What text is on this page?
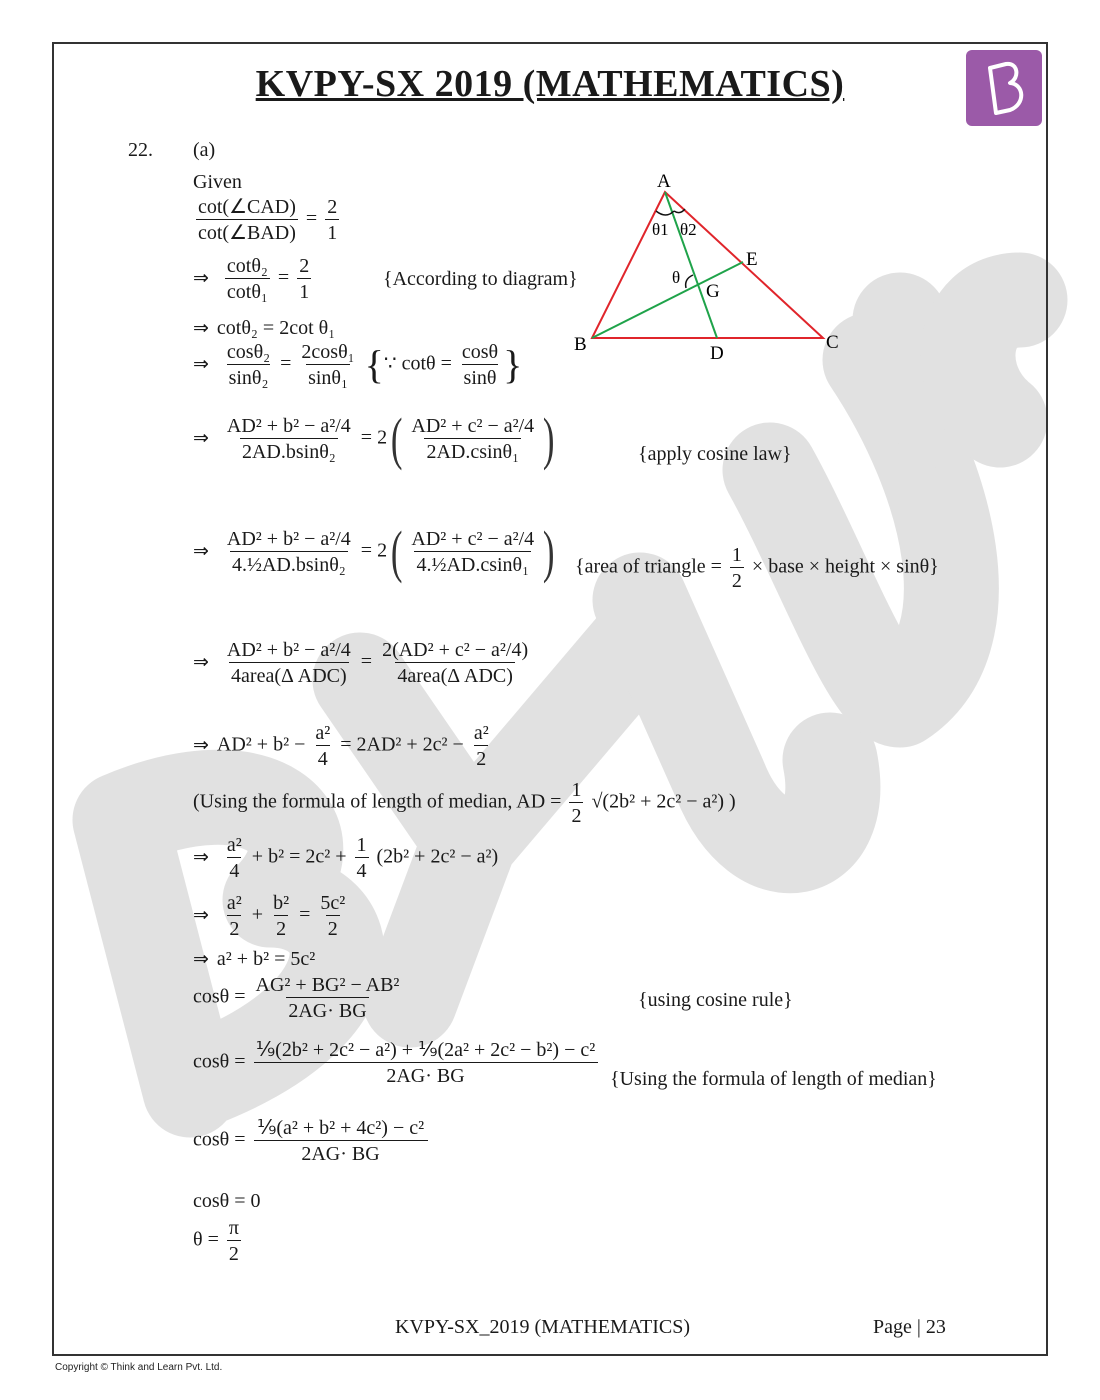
KVPY-SX 2019 (MATHEMATICS)
22. (a)
Given
$\frac{\text{cot(∠CAD)}}{\text{cot(∠BAD)}} = \frac{2}{1}$
⇒ $\frac{\text{cotθ₂}}{\text{cotθ₁}} = \frac{2}{1}$	{According to diagram}
⇒ cotθ₂ = 2cot θ₁
⇒ $\frac{\text{cosθ₂}}{\text{sinθ₂}} = \frac{\text{2cosθ₁}}{\text{sinθ₁}}$ {∵ $\cot\theta = \frac{\cos\theta}{\sin\theta}$ }
⇒ $\frac{\text{AD² + b² − a²/4}}{\text{2AD.bsinθ₂}} = 2( \frac{\text{AD² + c² − a²/4}}{\text{2AD.csinθ₁}}$ )	{apply cosine law}
⇒ $\frac{\text{AD² + b² − a²/4}}{\text{4.½AD.bsinθ₂}} = 2( \frac{\text{AD² + c² − a²/4}}{\text{4.½AD.csinθ₁}}$ ) {area of triangle = $\frac{1}{2}$ × base × height × sinθ}
⇒ $\frac{\text{AD² + b² − a²/4}}{\text{4area(Δ ADC)}} = \frac{\text{2(AD² + c² − a²/4)}}{\text{4area(Δ ADC)}}$
⇒ $AD^2 + b^2 - \frac{\text{a²}}{4} = 2AD^2 + 2c^2 - \frac{\text{a²}}{2}$
(Using the formula of length of median, AD = $\frac{1}{2} √(2b^2 + 2c^2 - a^2)$ )
⇒ $\frac{\text{a²}}{4} + b^2 = 2c^2 + \frac{1}{4} (2b^2 + 2c^2 - a^2)$
⇒ $\frac{\text{a²}}{2} + \frac{\text{b²}}{2} = \frac{\text{5c²}}{2}$
⇒ a² + b² = 5c²
$\cos\theta = \frac{\text{AG² + BG² − AB²}}{2AG\cdot BG}$	{using cosine rule}
$\cos\theta = \frac{\text{⅑(2b² + 2c² − a²) + ⅑(2a² + 2c² − b²) − c²}}{2AG\cdot BG} \{Using$ the formula of length of median}
$\cos\theta = \frac{\text{⅑(a² + b² + 4c²) − c²}}{2AG\cdot BG}$
cosθ = 0
$\theta = \frac{\pi}{2}$
A
B	C
D
E
G
θ1 θ2
θ
KVPY-SX_2019 (MATHEMATICS)	Page | 23
Copyright © Think and Learn Pvt. Ltd.
